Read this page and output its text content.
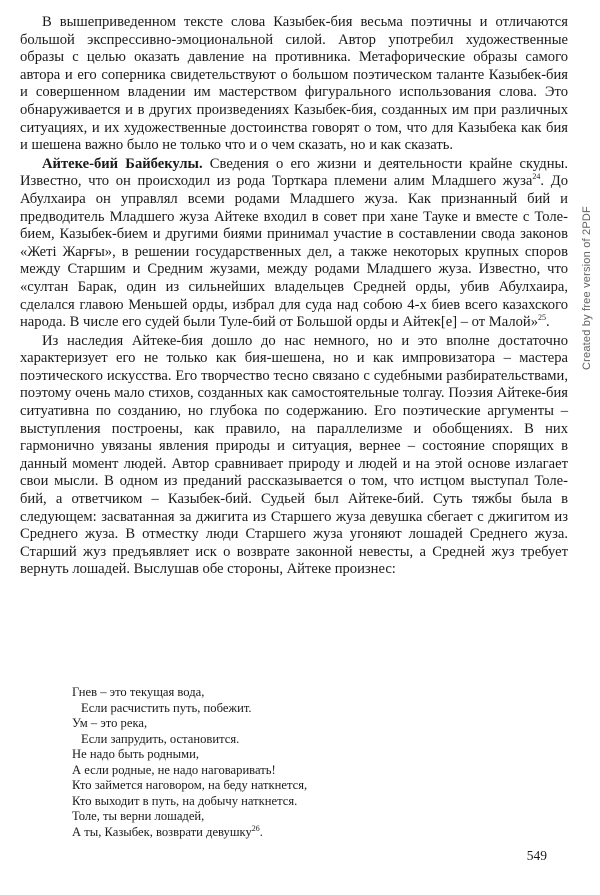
В вышеприведенном тексте слова Казыбек-бия весьма поэтичны и отличаются большой экспрессивно-эмоциональной силой. Автор употребил художественные образы с целью оказать давление на противника. Метафорические образы самого автора и его соперника свидетельствуют о большом поэтическом таланте Казыбек-бия и совершенном владении им мастерством фигурального использования слова. Это обнаруживается и в других произведениях Казыбек-бия, созданных им при различных ситуациях, и их художественные достоинства говорят о том, что для Казыбека как бия и шешена важно было не только что и о чем сказать, но и как сказать.

Айтеке-бий Байбекулы. Сведения о его жизни и деятельности крайне скудны. Известно, что он происходил из рода Торткара племени алим Младшего жуза$^{24}$. До Абулхаира он управлял всеми родами Младшего жуза. Как признанный бий и предводитель Младшего жуза Айтеке входил в совет при хане Тауке и вместе с Толе-бием, Казыбек-бием и другими биями принимал участие в составлении свода законов «Жеті Жарғы», в решении государственных дел, а также некоторых крупных споров между Старшим и Средним жузами, между родами Младшего жуза. Известно, что «султан Барак, один из сильнейших владельцев Средней орды, убив Абулхаира, сделался главою Меньшей орды, избрал для суда над собою 4-х биев всего казахского народа. В числе его судей были Туле-бий от Большой орды и Айтек[е] – от Малой»$^{25}$.

Из наследия Айтеке-бия дошло до нас немного, но и это вполне достаточно характеризует его не только как бия-шешена, но и как импровизатора – мастера поэтического искусства. Его творчество тесно связано с судебными разбирательствами, поэтому очень мало стихов, созданных как самостоятельные толгау. Поэзия Айтеке-бия ситуативна по созданию, но глубока по содержанию. Его поэтические аргументы – выступления построены, как правило, на параллелизме и обобщениях. В них гармонично увязаны явления природы и ситуация, вернее – состояние спорящих в данный момент людей. Автор сравнивает природу и людей и на этой основе излагает свои мысли. В одном из преданий рассказывается о том, что истцом выступал Толе-бий, а ответчиком – Казыбек-бий. Судьей был Айтеке-бий. Суть тяжбы была в следующем: засватанная за джигита из Старшего жуза девушка сбегает с джигитом из Среднего жуза. В отместку люди Старшего жуза угоняют лошадей Среднего жуза. Старший жуз предъявляет иск о возврате законной невесты, а Средней жуз требует вернуть лошадей. Выслушав обе стороны, Айтеке произнес:

Гнев – это текущая вода,
Если расчистить путь, побежит.
Ум – это река,
Если запрудить, остановится.
Не надо быть родными,
А если родные, не надо наговаривать!
Кто займется наговором, на беду наткнется,
Кто выходит в путь, на добычу наткнется.
Толе, ты верни лошадей,
А ты, Казыбек, возврати девушку$^{26}$.
549
Created by free version of 2PDF
